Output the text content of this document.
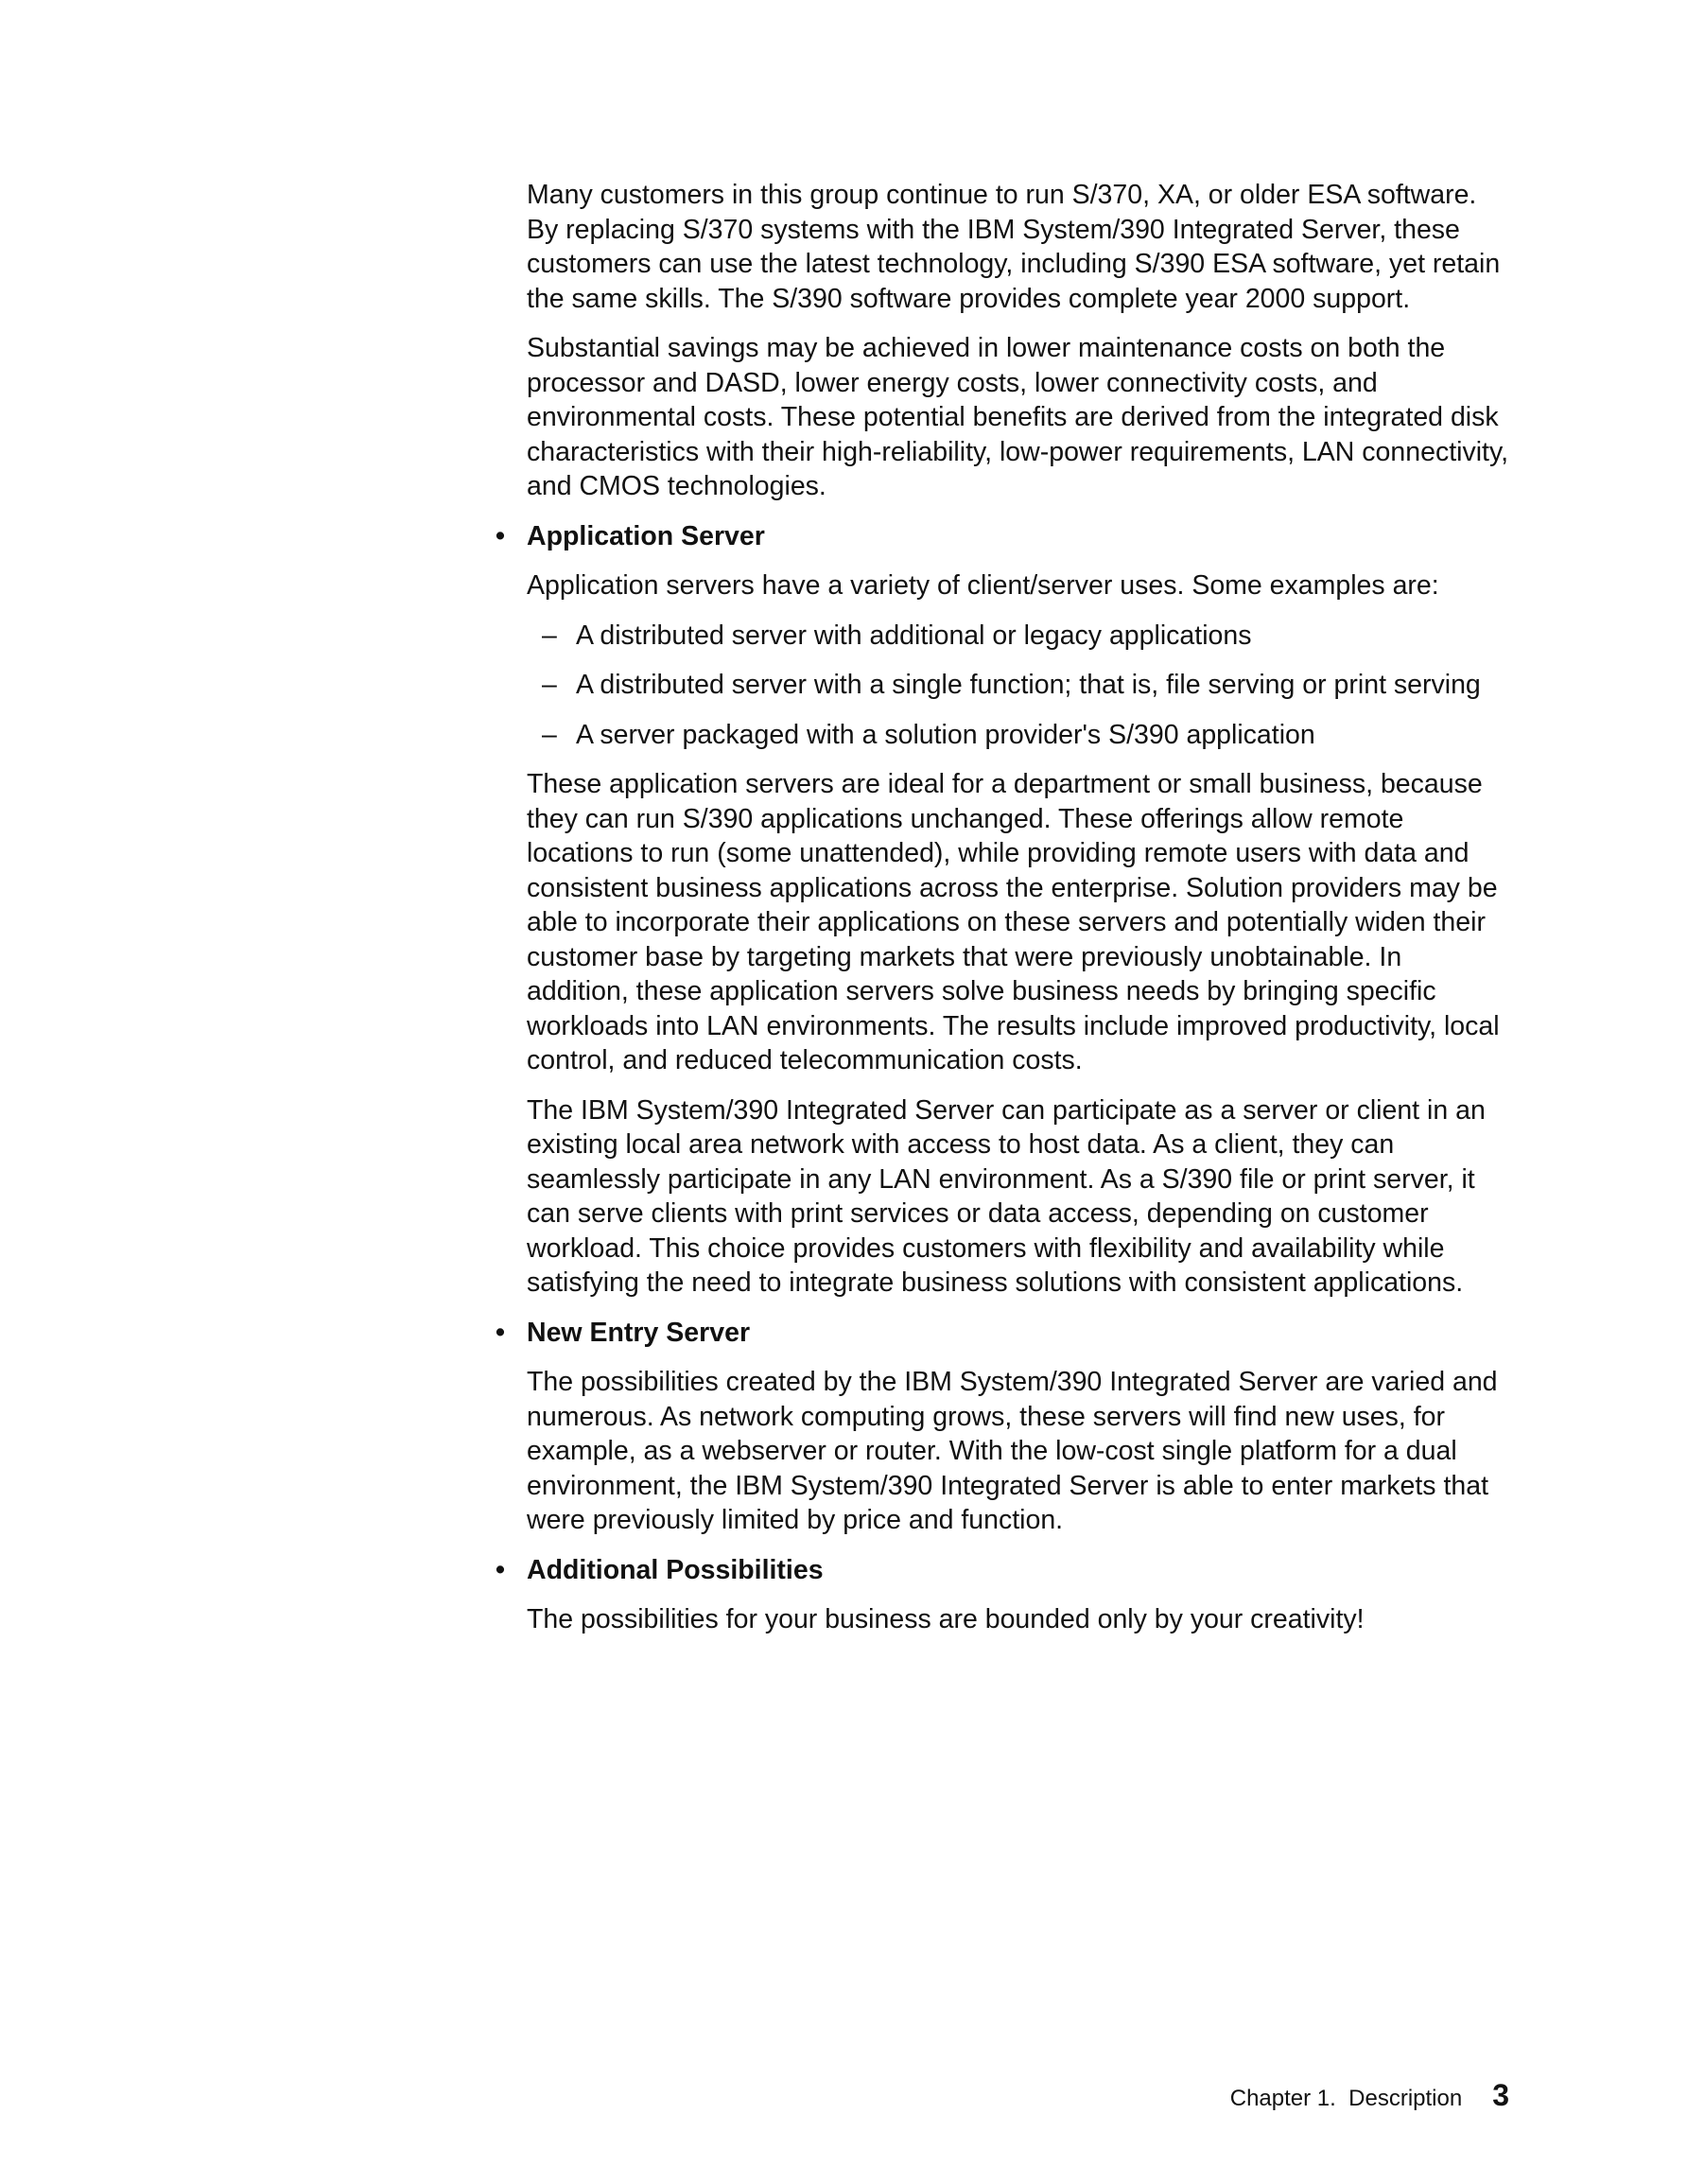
Many customers in this group continue to run S/370, XA, or older ESA software. By replacing S/370 systems with the IBM System/390 Integrated Server, these customers can use the latest technology, including S/390 ESA software, yet retain the same skills. The S/390 software provides complete year 2000 support.

Substantial savings may be achieved in lower maintenance costs on both the processor and DASD, lower energy costs, lower connectivity costs, and environmental costs. These potential benefits are derived from the integrated disk characteristics with their high-reliability, low-power requirements, LAN connectivity, and CMOS technologies.

• Application Server

Application servers have a variety of client/server uses. Some examples are:

– A distributed server with additional or legacy applications
– A distributed server with a single function; that is, file serving or print serving
– A server packaged with a solution provider's S/390 application

These application servers are ideal for a department or small business, because they can run S/390 applications unchanged. These offerings allow remote locations to run (some unattended), while providing remote users with data and consistent business applications across the enterprise. Solution providers may be able to incorporate their applications on these servers and potentially widen their customer base by targeting markets that were previously unobtainable. In addition, these application servers solve business needs by bringing specific workloads into LAN environments. The results include improved productivity, local control, and reduced telecommunication costs.

The IBM System/390 Integrated Server can participate as a server or client in an existing local area network with access to host data. As a client, they can seamlessly participate in any LAN environment. As a S/390 file or print server, it can serve clients with print services or data access, depending on customer workload. This choice provides customers with flexibility and availability while satisfying the need to integrate business solutions with consistent applications.

• New Entry Server

The possibilities created by the IBM System/390 Integrated Server are varied and numerous. As network computing grows, these servers will find new uses, for example, as a webserver or router. With the low-cost single platform for a dual environment, the IBM System/390 Integrated Server is able to enter markets that were previously limited by price and function.

• Additional Possibilities

The possibilities for your business are bounded only by your creativity!

Chapter 1.  Description 3
